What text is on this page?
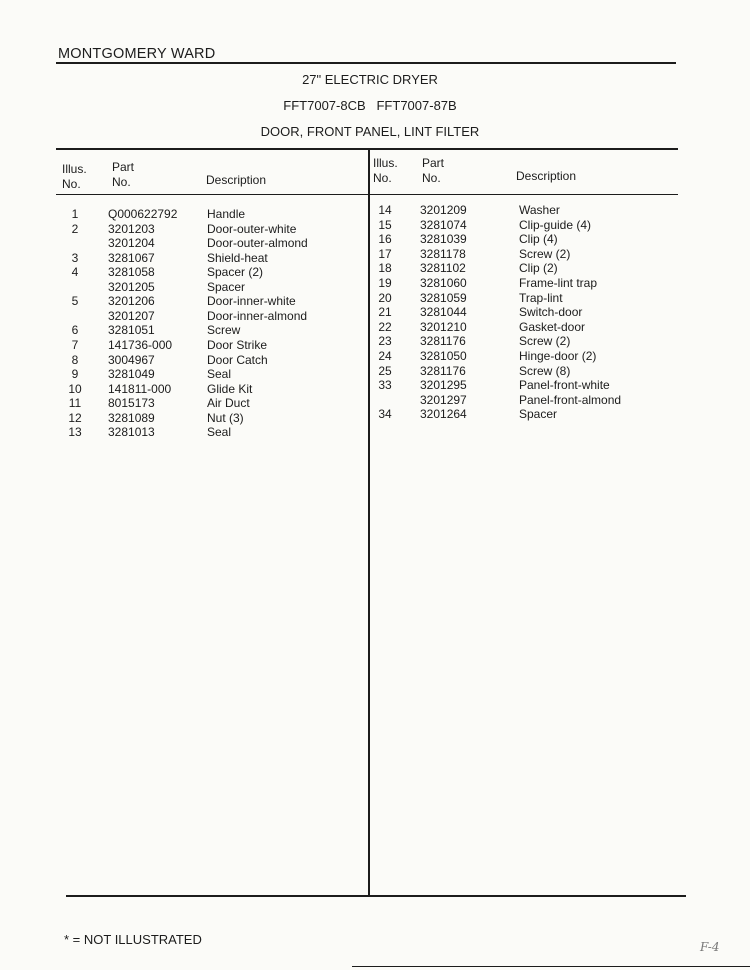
MONTGOMERY WARD
27" ELECTRIC DRYER
FFT7007-8CB   FFT7007-87B
DOOR, FRONT PANEL, LINT FILTER
Illus.
No.
Part
No.	Description
Illus.
No.
Part
No.	Description
1	Q000622792 Handle
2	3201203	Door-outer-white
3201204	Door-outer-almond
3	3281067	Shield-heat
4	3281058	Spacer (2)
3201205	Spacer
5	3201206	Door-inner-white
3201207	Door-inner-almond
6	3281051	Screw
7	141736-000	Door Strike
8	3004967	Door Catch
9	3281049	Seal
10	141811-000	Glide Kit
11	8015173	Air Duct
12	3281089	Nut (3)
13	3281013	Seal
14	3201209	Washer
15	3281074	Clip-guide (4)
16	3281039	Clip (4)
17	3281178	Screw (2)
18	3281102	Clip (2)
19	3281060	Frame-lint trap
20	3281059	Trap-lint
21	3281044	Switch-door
22	3201210	Gasket-door
23	3281176	Screw (2)
24	3281050	Hinge-door (2)
25	3281176	Screw (8)
33	3201295	Panel-front-white
3201297	Panel-front-almond
34	3201264	Spacer
* = NOT ILLUSTRATED	F-4
